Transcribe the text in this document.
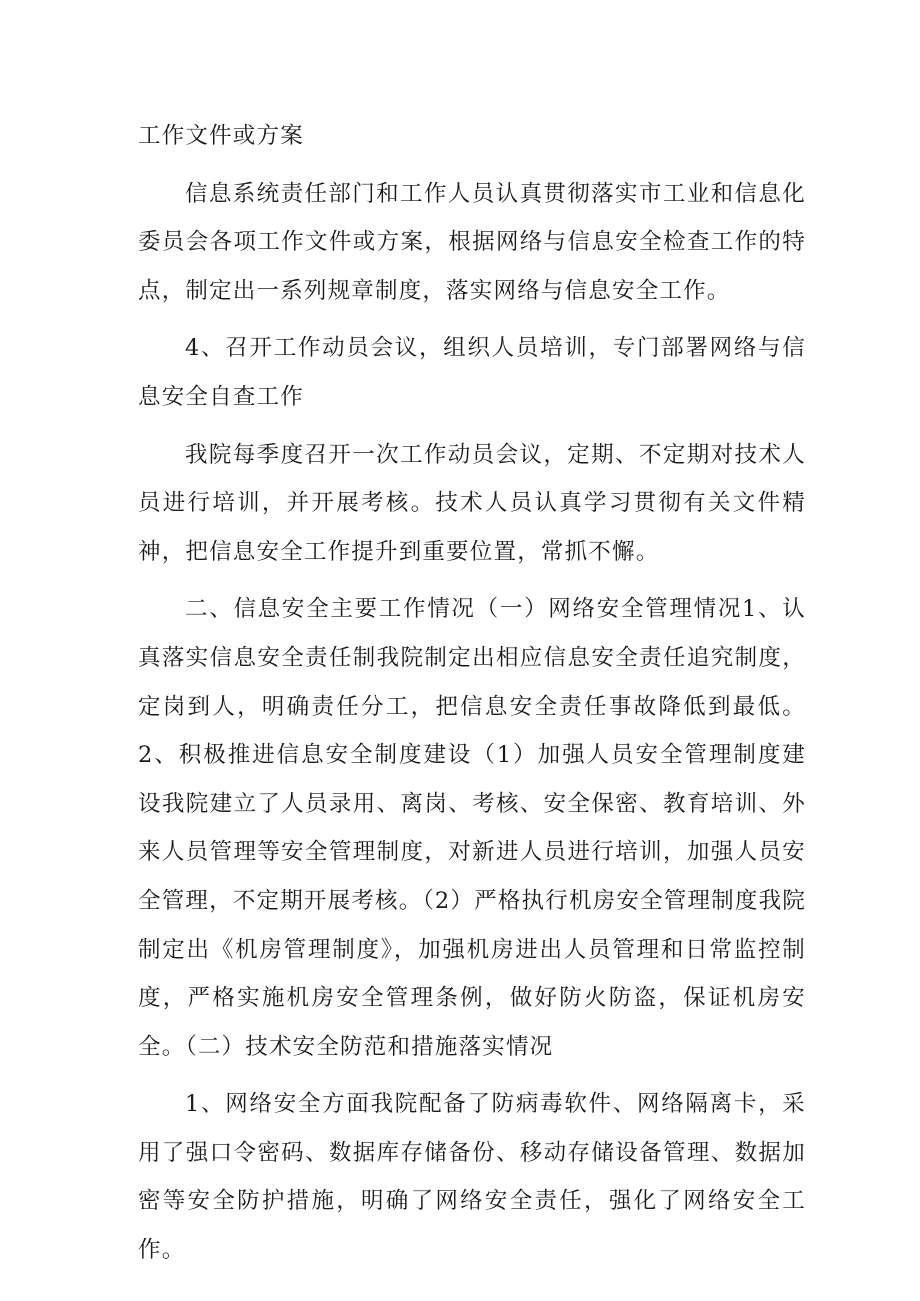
工作文件或方案

信息系统责任部门和工作人员认真贯彻落实市工业和信息化委员会各项工作文件或方案，根据网络与信息安全检查工作的特点，制定出一系列规章制度，落实网络与信息安全工作。

4、召开工作动员会议，组织人员培训，专门部署网络与信息安全自查工作

我院每季度召开一次工作动员会议，定期、不定期对技术人员进行培训，并开展考核。技术人员认真学习贯彻有关文件精神，把信息安全工作提升到重要位置，常抓不懈。

二、信息安全主要工作情况（一）网络安全管理情况1、认真落实信息安全责任制我院制定出相应信息安全责任追究制度，定岗到人，明确责任分工，把信息安全责任事故降低到最低。2、积极推进信息安全制度建设（1）加强人员安全管理制度建设我院建立了人员录用、离岗、考核、安全保密、教育培训、外来人员管理等安全管理制度，对新进人员进行培训，加强人员安全管理，不定期开展考核。（2）严格执行机房安全管理制度我院制定出《机房管理制度》，加强机房进出人员管理和日常监控制度，严格实施机房安全管理条例，做好防火防盗，保证机房安全。（二）技术安全防范和措施落实情况

1、网络安全方面我院配备了防病毒软件、网络隔离卡，采用了强口令密码、数据库存储备份、移动存储设备管理、数据加密等安全防护措施，明确了网络安全责任，强化了网络安全工作。
